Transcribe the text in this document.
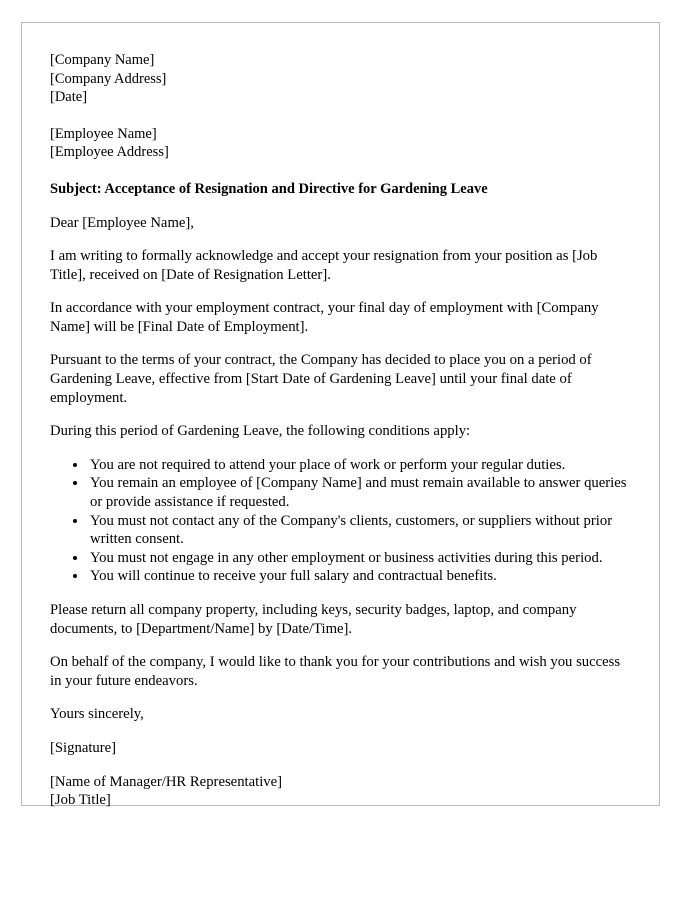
[Company Name]
[Company Address]
[Date]
[Employee Name]
[Employee Address]

Subject: Acceptance of Resignation and Directive for Gardening Leave

Dear [Employee Name],

I am writing to formally acknowledge and accept your resignation from your position as [Job Title], received on [Date of Resignation Letter].

In accordance with your employment contract, your final day of employment with [Company Name] will be [Final Date of Employment].

Pursuant to the terms of your contract, the Company has decided to place you on a period of Gardening Leave, effective from [Start Date of Gardening Leave] until your final date of employment.

During this period of Gardening Leave, the following conditions apply:

• You are not required to attend your place of work or perform your regular duties.
• You remain an employee of [Company Name] and must remain available to answer queries or provide assistance if requested.
• You must not contact any of the Company's clients, customers, or suppliers without prior written consent.
• You must not engage in any other employment or business activities during this period.
• You will continue to receive your full salary and contractual benefits.

Please return all company property, including keys, security badges, laptop, and company documents, to [Department/Name] by [Date/Time].

On behalf of the company, I would like to thank you for your contributions and wish you success in your future endeavors.

Yours sincerely,

[Signature]

[Name of Manager/HR Representative]

[Job Title]
